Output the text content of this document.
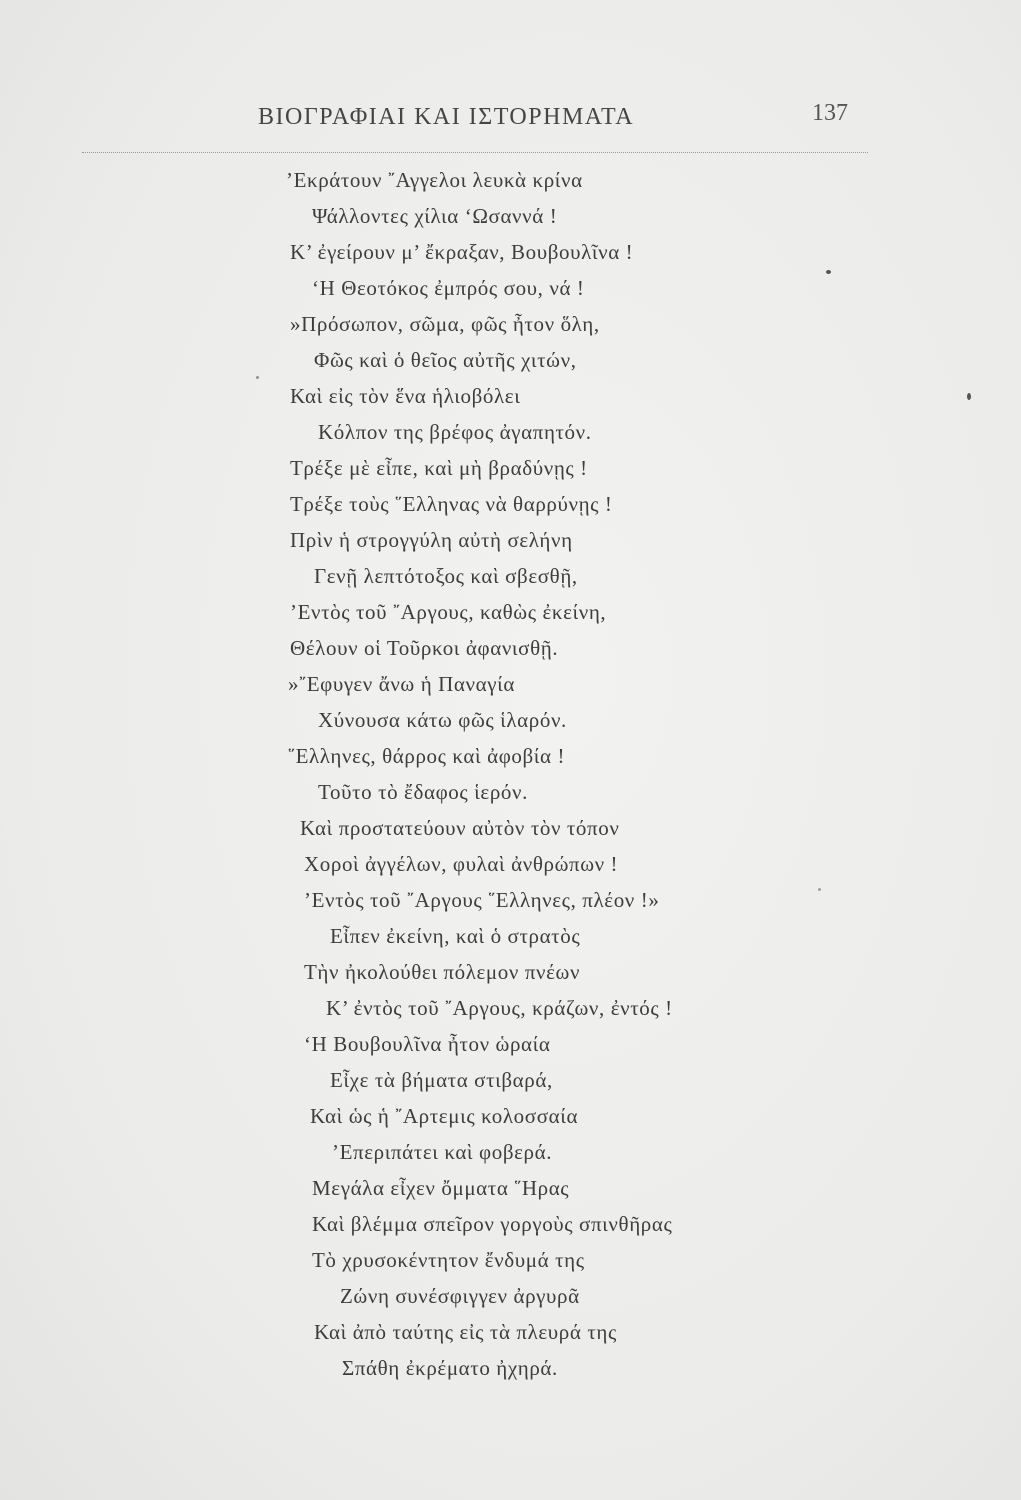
ΒΙΟΓΡΑΦΙΑΙ ΚΑΙ ΙΣΤΟΡΗΜΑΤΑ	137
’Εκράτουν ῎Αγγελοι λευκὰ κρίνα
Ψάλλοντες χίλια ‘Ωσαννά !
Κ’ ἐγείρουν μ’ ἔκραξαν, Βουβουλῖνα !
‘Η Θεοτόκος ἐμπρός σου, νά !
»Πρόσωπον, σῶμα, φῶς ἦτον ὅλη,
Φῶς καὶ ὁ θεῖος αὐτῆς χιτών,
Καὶ εἰς τὸν ἕνα ἡλιοβόλει
Κόλπον της βρέφος ἀγαπητόν.
Τρέξε μὲ εἶπε, καὶ μὴ βραδύνῃς !
Τρέξε τοὺς ῞Ελληνας νὰ θαρρύνῃς !
Πρὶν ἡ στρογγύλη αὐτὴ σελήνη
Γενῇ λεπτότοξος καὶ σβεσθῇ,
’Εντὸς τοῦ ῎Αργους, καθὼς ἐκείνη,
Θέλουν οἱ Τοῦρκοι ἀφανισθῇ.
»῎Εφυγεν ἄνω ἡ Παναγία
Χύνουσα κάτω φῶς ἱλαρόν.
῞Ελληνες, θάρρος καὶ ἀφοβία !
Τοῦτο τὸ ἔδαφος ἱερόν.
Καὶ προστατεύουν αὐτὸν τὸν τόπον
Χοροὶ ἀγγέλων, φυλαὶ ἀνθρώπων !
’Εντὸς τοῦ ῎Αργους ῞Ελληνες, πλέον !»
Εἶπεν ἐκείνη, καὶ ὁ στρατὸς
Τὴν ἠκολούθει πόλεμον πνέων
Κ’ ἐντὸς τοῦ ῎Αργους, κράζων, ἐντός !
‘Η Βουβουλῖνα ἦτον ὡραία
Εἶχε τὰ βήματα στιβαρά,
Καὶ ὡς ἡ ῎Αρτεμις κολοσσαία
’Επεριπάτει καὶ φοβερά.
Μεγάλα εἶχεν ὄμματα ῞Ηρας
Καὶ βλέμμα σπεῖρον γοργοὺς σπινθῆρας
Τὸ χρυσοκέντητον ἔνδυμά της
Ζώνη συνέσφιγγεν ἀργυρᾶ
Καὶ ἀπὸ ταύτης εἰς τὰ πλευρά της
Σπάθη ἐκρέματο ἠχηρά.
